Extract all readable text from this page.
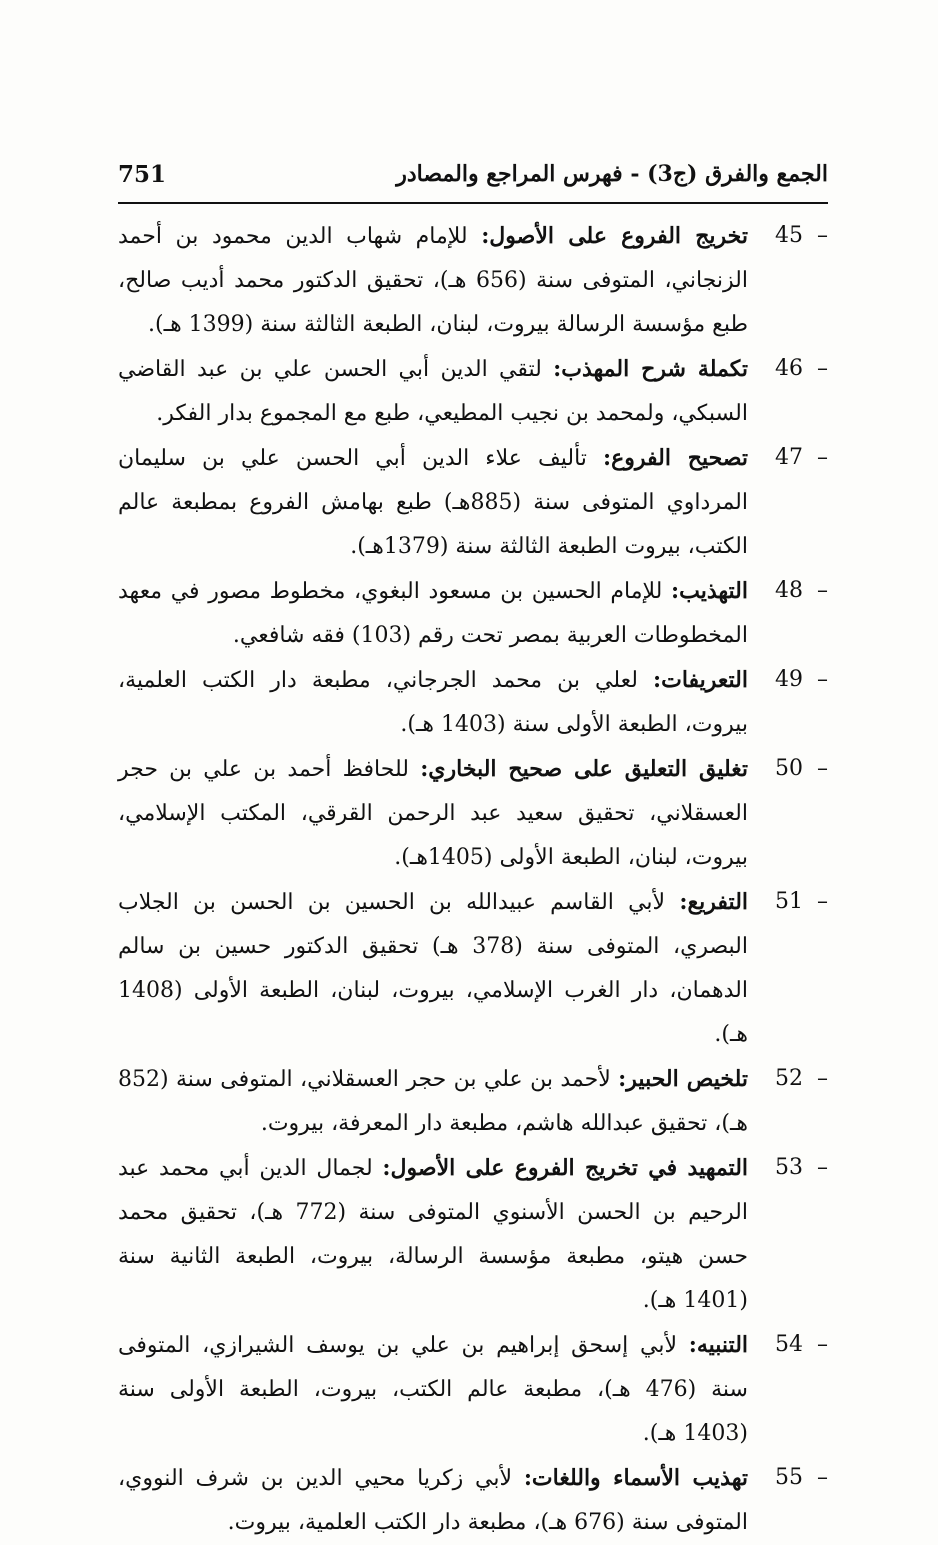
751	الجمع والفرق (ج3) - فهرس المراجع والمصادر
تخريج الفروع على الأصول: للإمام شهاب الدين محمود بن أحمد الزنجاني، المتوفى سنة (656 هـ)، تحقيق الدكتور محمد أديب صالح، طبع مؤسسة الرسالة بيروت، لبنان، الطبعة الثالثة سنة (1399 هـ).
45  –
تكملة شرح المهذب: لتقي الدين أبي الحسن علي بن عبد القاضي السبكي، ولمحمد بن نجيب المطيعي، طبع مع المجموع بدار الفكر.
46  –
تصحيح الفروع: تأليف علاء الدين أبي الحسن علي بن سليمان المرداوي المتوفى سنة (885هـ) طبع بهامش الفروع بمطبعة عالم الكتب، بيروت الطبعة الثالثة سنة (1379هـ).
47  –
التهذيب: للإمام الحسين بن مسعود البغوي، مخطوط مصور في معهد المخطوطات العربية بمصر تحت رقم (103) فقه شافعي.
48  –
التعريفات: لعلي بن محمد الجرجاني، مطبعة دار الكتب العلمية، بيروت، الطبعة الأولى سنة (1403 هـ).
49  –
تغليق التعليق على صحيح البخاري: للحافظ أحمد بن علي بن حجر العسقلاني، تحقيق سعيد عبد الرحمن القرقي، المكتب الإسلامي، بيروت، لبنان، الطبعة الأولى (1405هـ).
50  –
التفريع: لأبي القاسم عبيدالله بن الحسين بن الحسن بن الجلاب البصري، المتوفى سنة (378 هـ) تحقيق الدكتور حسين بن سالم الدهمان، دار الغرب الإسلامي، بيروت، لبنان، الطبعة الأولى (1408 هـ).
51  –
تلخيص الحبير: لأحمد بن علي بن حجر العسقلاني، المتوفى سنة (852 هـ)، تحقيق عبدالله هاشم، مطبعة دار المعرفة، بيروت.
52  –
التمهيد في تخريج الفروع على الأصول: لجمال الدين أبي محمد عبد الرحيم بن الحسن الأسنوي المتوفى سنة (772 هـ)، تحقيق محمد حسن هيتو، مطبعة مؤسسة الرسالة، بيروت، الطبعة الثانية سنة (1401 هـ).
53  –
التنبيه: لأبي إسحق إبراهيم بن علي بن يوسف الشيرازي، المتوفى سنة (476 هـ)، مطبعة عالم الكتب، بيروت، الطبعة الأولى سنة (1403 هـ).
54  –
تهذيب الأسماء واللغات: لأبي زكريا محيي الدين بن شرف النووي، المتوفى سنة (676 هـ)، مطبعة دار الكتب العلمية، بيروت.
55  –
